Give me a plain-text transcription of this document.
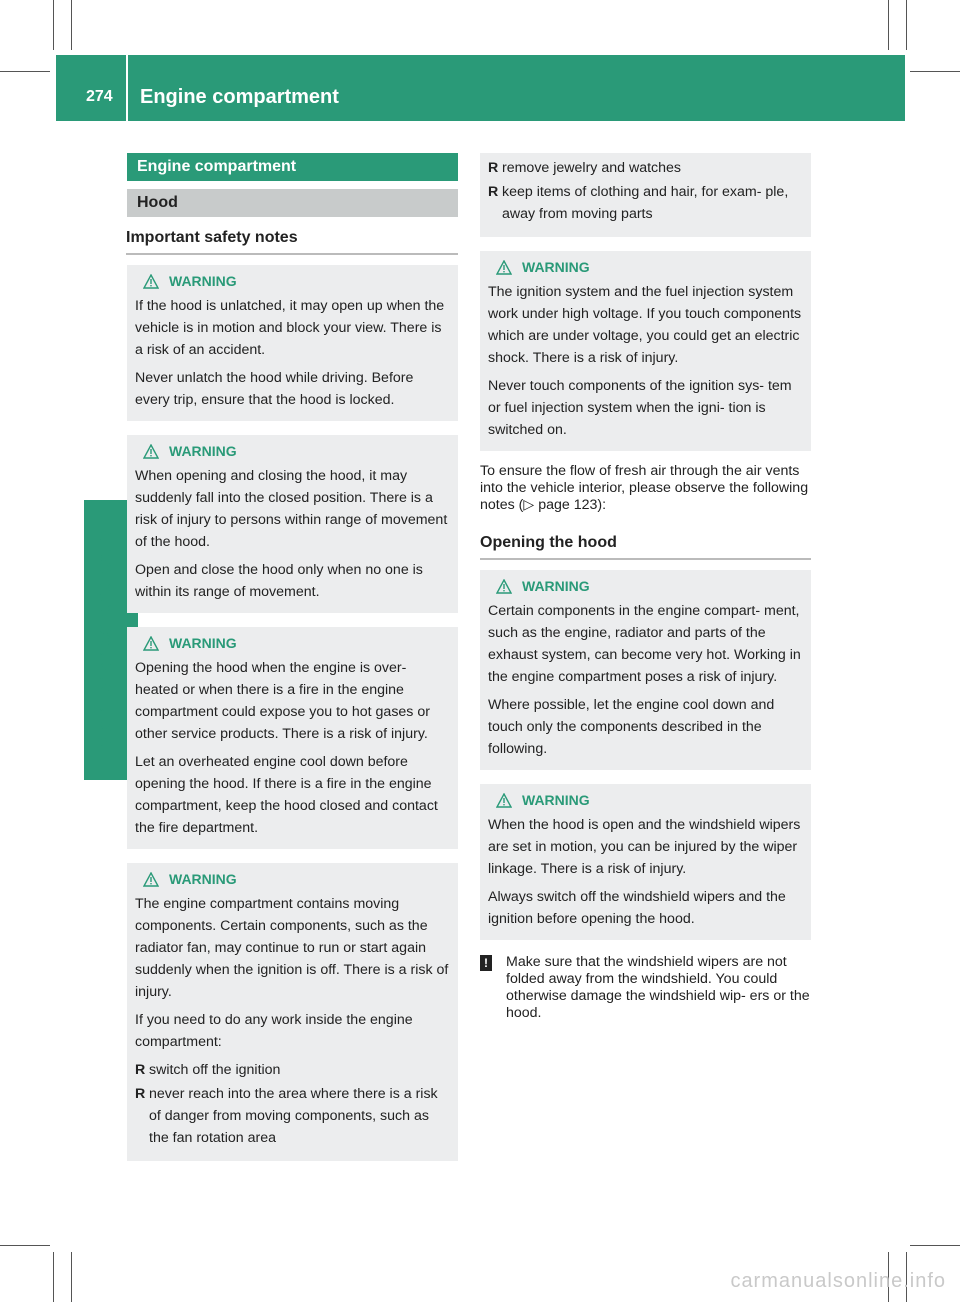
274 Engine compartment
Maintenance and care
Engine compartment
Hood
Important safety notes
WARNING

If the hood is unlatched, it may open up when the vehicle is in motion and block your view. There is a risk of an accident.

Never unlatch the hood while driving. Before every trip, ensure that the hood is locked.

WARNING

When opening and closing the hood, it may suddenly fall into the closed position. There is a risk of injury to persons within range of movement of the hood.

Open and close the hood only when no one is within its range of movement.

WARNING

Opening the hood when the engine is over- heated or when there is a fire in the engine compartment could expose you to hot gases or other service products. There is a risk of injury.

Let an overheated engine cool down before opening the hood. If there is a fire in the engine compartment, keep the hood closed and contact the fire department.

WARNING

The engine compartment contains moving components. Certain components, such as the radiator fan, may continue to run or start again suddenly when the ignition is off. There is a risk of injury.

If you need to do any work inside the engine compartment:

R switch off the ignition
R never reach into the area where there is a risk of danger from moving components, such as the fan rotation area
R remove jewelry and watches
R keep items of clothing and hair, for exam- ple, away from moving parts
WARNING

The ignition system and the fuel injection system work under high voltage. If you touch components which are under voltage, you could get an electric shock. There is a risk of injury.

Never touch components of the ignition sys- tem or fuel injection system when the igni- tion is switched on.

To ensure the flow of fresh air through the air vents into the vehicle interior, please observe the following notes (▷ page 123):
Opening the hood
WARNING

Certain components in the engine compart- ment, such as the engine, radiator and parts of the exhaust system, can become very hot. Working in the engine compartment poses a risk of injury.

Where possible, let the engine cool down and touch only the components described in the following.

WARNING

When the hood is open and the windshield wipers are set in motion, you can be injured by the wiper linkage. There is a risk of injury.

Always switch off the windshield wipers and the ignition before opening the hood.

! Make sure that the windshield wipers are not folded away from the windshield. You could otherwise damage the windshield wip- ers or the hood.
carmanualsonline.info
